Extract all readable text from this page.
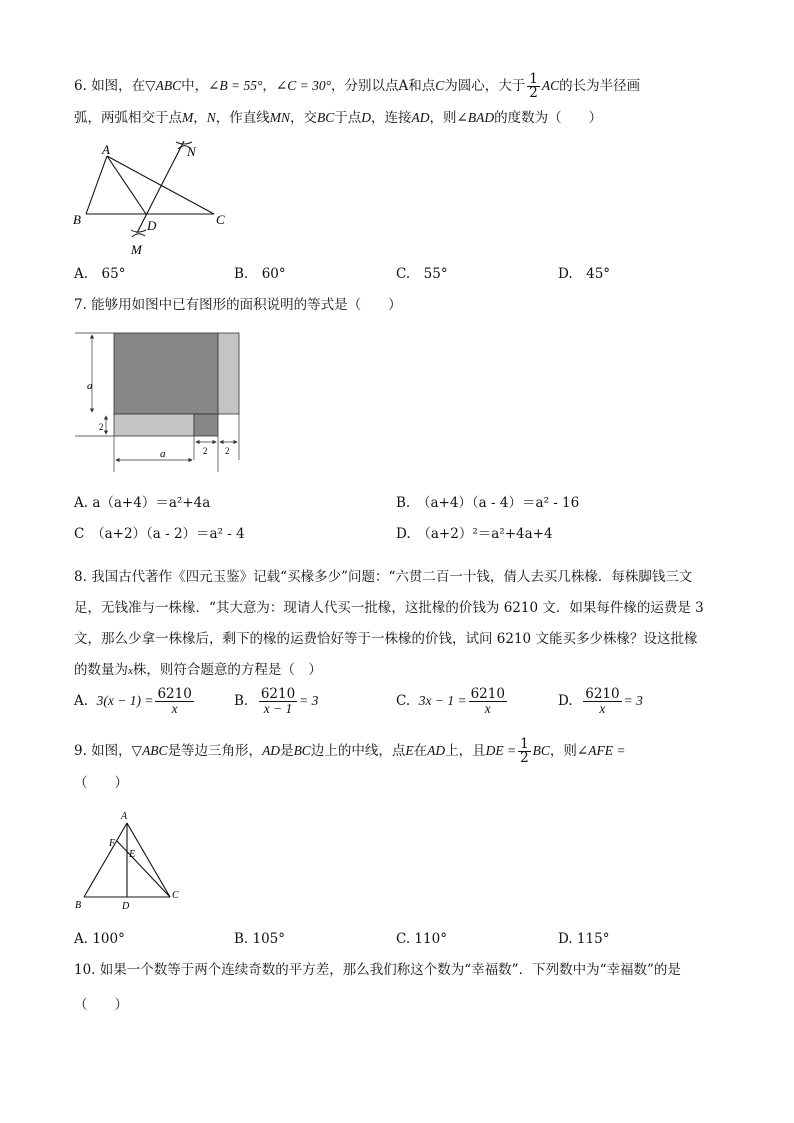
6. 如图，在▽ABC中，∠B = 55°，∠C = 30°，分别以点A和点C为圆心，大于 $\frac{1}{2}$ AC的长为半径画
弧，两弧相交于点M，N，作直线MN，交BC于点D，连接AD，则∠BAD的度数为（　　）
A
B	C
D
M
N
A.　65°	B.　60°	C.　55°	D.　45°
7. 能够用如图中已有图形的面积说明的等式是（　　）
a
2
a	2 2
A. a（a+4）＝a²+4a	B.　（a+4）（a - 4）＝a² - 16
C　（a+2）（a - 2）＝a² - 4	D.　（a+2）²＝a²+4a+4
8. 我国古代著作《四元玉鉴》记载“买椽多少”问题：“六贯二百一十钱，倩人去买几株椽．每株脚钱三文
足，无钱准与一株椽．“其大意为：现请人代买一批椽，这批椽的价钱为 6210 文．如果每件椽的运费是 3
文，那么少拿一株椽后，剩下的椽的运费恰好等于一株椽的价钱，试问 6210 文能买多少株椽？设这批椽
的数量为x株，则符合题意的方程是（　）
A. $3(x - 1) = \frac{6210}{x}$	B. $\frac{6210}{x - 1} = 3$	C. $3x - 1 = \frac{6210}{x}$	D. $\frac{6210}{x} = 3$
9. 如图，▽ABC是等边三角形，AD是BC边上的中线，点E在AD上，且DE = $\frac{1}{2}$ BC，则∠AFE =
（　　）
A
B
C
D
E
F
A. 100°	B. 105°	C. 110°	D. 115°
10. 如果一个数等于两个连续奇数的平方差，那么我们称这个数为“幸福数”．下列数中为“幸福数”的是
（　　）
